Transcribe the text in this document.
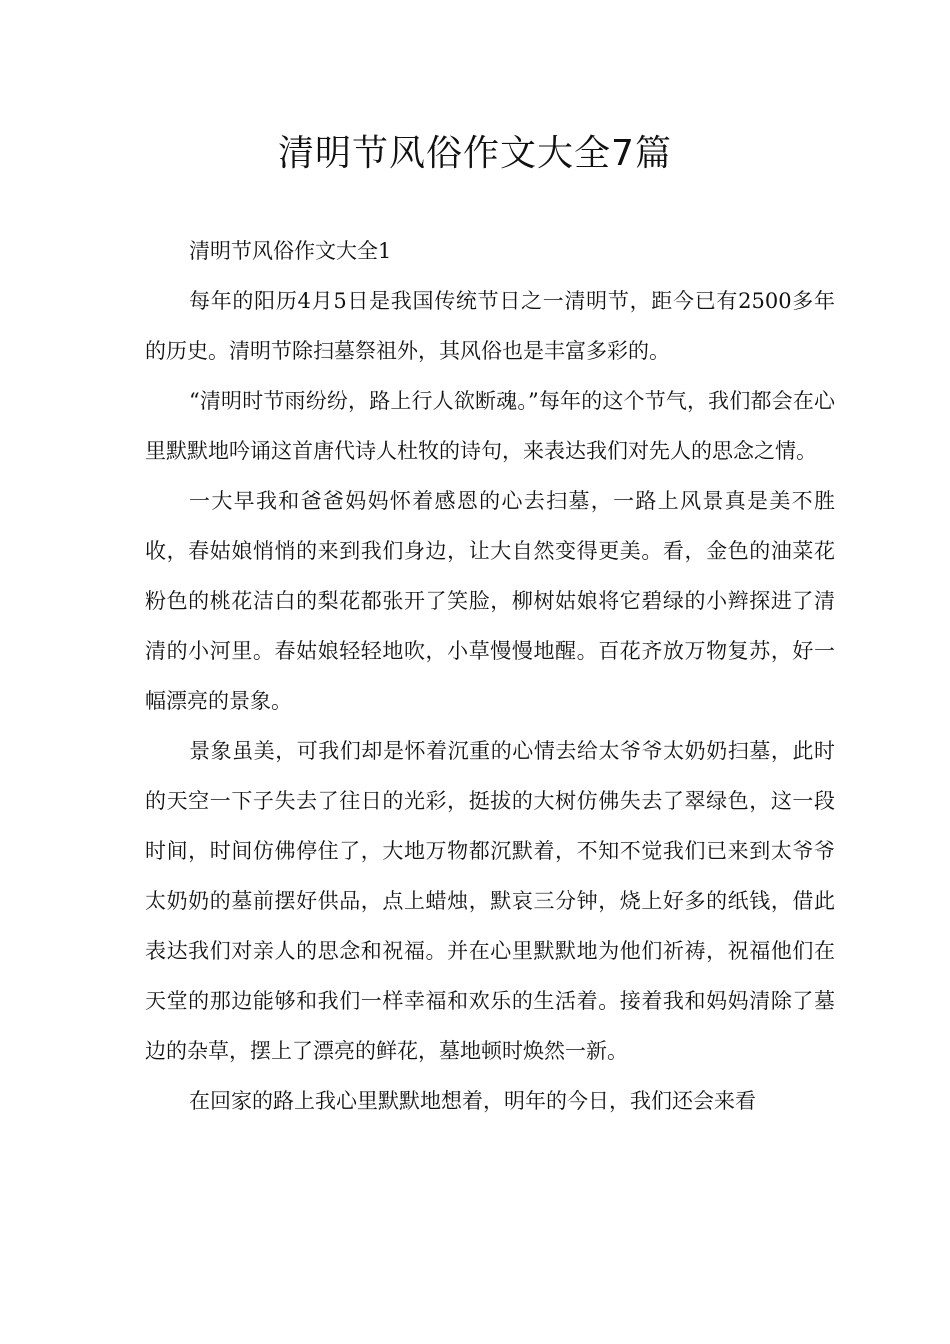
清明节风俗作文大全7篇

清明节风俗作文大全1

每年的阳历4月5日是我国传统节日之一清明节，距今已有2500多年的历史。清明节除扫墓祭祖外，其风俗也是丰富多彩的。

“清明时节雨纷纷，路上行人欲断魂。”每年的这个节气，我们都会在心里默默地吟诵这首唐代诗人杜牧的诗句，来表达我们对先人的思念之情。

一大早我和爸爸妈妈怀着感恩的心去扫墓，一路上风景真是美不胜收，春姑娘悄悄的来到我们身边，让大自然变得更美。看，金色的油菜花粉色的桃花洁白的梨花都张开了笑脸，柳树姑娘将它碧绿的小辫探进了清清的小河里。春姑娘轻轻地吹，小草慢慢地醒。百花齐放万物复苏，好一幅漂亮的景象。

景象虽美，可我们却是怀着沉重的心情去给太爷爷太奶奶扫墓，此时的天空一下子失去了往日的光彩，挺拔的大树仿佛失去了翠绿色，这一段时间，时间仿佛停住了，大地万物都沉默着，不知不觉我们已来到太爷爷太奶奶的墓前摆好供品，点上蜡烛，默哀三分钟，烧上好多的纸钱，借此表达我们对亲人的思念和祝福。并在心里默默地为他们祈祷，祝福他们在天堂的那边能够和我们一样幸福和欢乐的生活着。接着我和妈妈清除了墓边的杂草，摆上了漂亮的鲜花，墓地顿时焕然一新。

在回家的路上我心里默默地想着，明年的今日，我们还会来看
